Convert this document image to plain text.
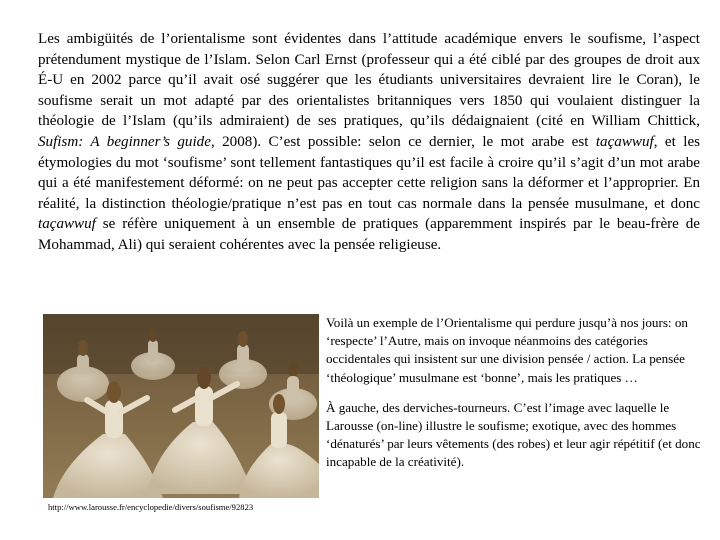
Les ambigüités de l’orientalisme sont évidentes dans l’attitude académique envers le soufisme, l’aspect prétendument mystique de l’Islam. Selon Carl Ernst (professeur qui a été ciblé par des groupes de droit aux É-U en 2002 parce qu’il avait osé suggérer que les étudiants universitaires devraient lire le Coran), le soufisme serait un mot adapté par des orientalistes britanniques vers 1850 qui voulaient distinguer la théologie de l’Islam (qu’ils admiraient) de ses pratiques, qu’ils dédaignaient (cité en William Chittick, Sufism: A beginner’s guide, 2008). C’est possible: selon ce dernier, le mot arabe est taçawwuf, et les étymologies du mot ‘soufisme’ sont tellement fantastiques qu’il est facile à croire qu’il s’agit d’un mot arabe qui a été manifestement déformé: on ne peut pas accepter cette religion sans la déformer et l’approprier. En réalité, la distinction théologie/pratique n’est pas en tout cas normale dans la pensée musulmane, et donc taçawwuf se réfère uniquement à un ensemble de pratiques (apparemment inspirés par le beau-frère de Mohammad, Ali) qui seraient cohérentes avec la pensée religieuse.

http://www.larousse.fr/encyclopedie/divers/soufisme/92823

Voilà un exemple de l’Orientalisme qui perdure jusqu’à nos jours: on ‘respecte’ l’Autre, mais on invoque néanmoins des catégories occidentales qui insistent sur une division pensée / action. La pensée ‘théologique’ musulmane est ‘bonne’, mais les pratiques …

À gauche, des derviches-tourneurs. C’est l’image avec laquelle le Larousse (on-line) illustre le soufisme; exotique, avec des hommes ‘dénaturés’ par leurs vêtements (des robes) et leur agir répétitif (et donc incapable de la créativité).
